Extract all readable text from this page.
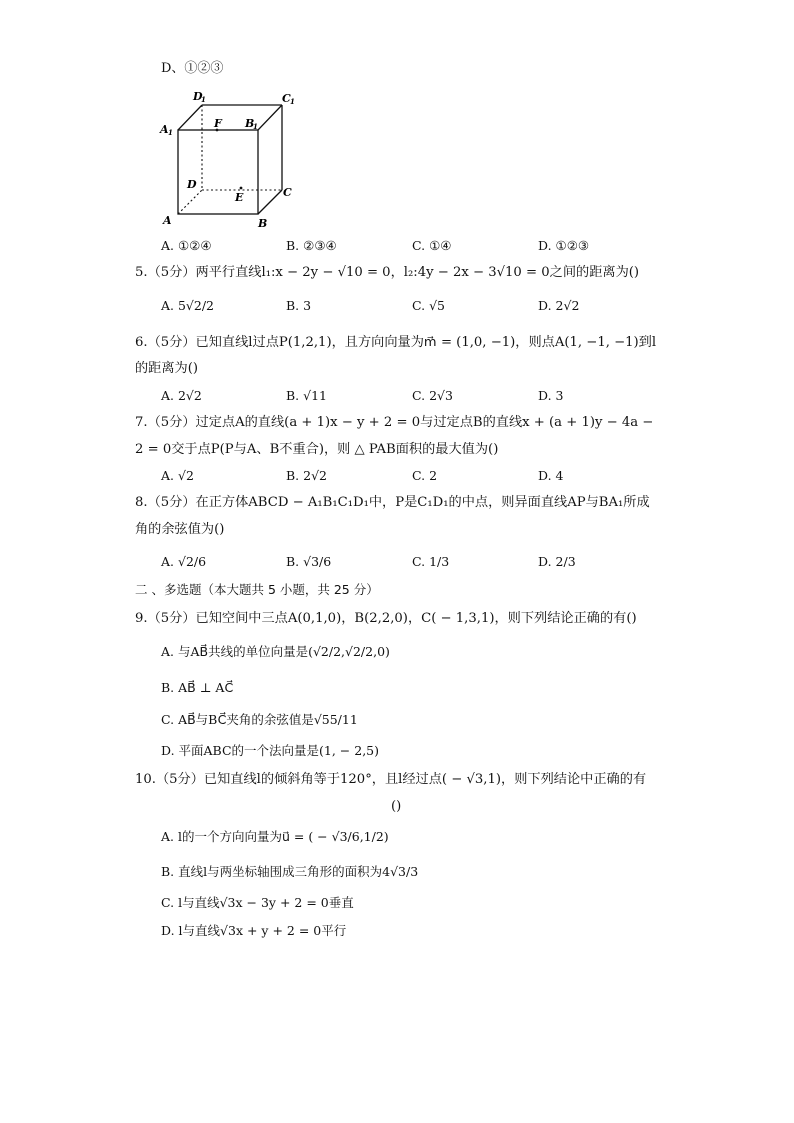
D、①②③
D
1	C 1
A 1
F B
1
D
E	C
A	B
A. ①②④	B. ②③④	C. ①④	D. ①②③
5.（5分）两平行直线l₁:x − 2y − √10 = 0，l₂:4y − 2x − 3√10 = 0之间的距离为()
A. 5√2/2	B. 3	C. √5	D. 2√2
6.（5分）已知直线l过点P(1,2,1)，且方向向量为m⃗ = (1,0, −1)，则点A(1, −1, −1)到l
的距离为()
A. 2√2	B. √11	C. 2√3	D. 3
7.（5分）过定点A的直线(a + 1)x − y + 2 = 0与过定点B的直线x + (a + 1)y − 4a −
2 = 0交于点P(P与A、B不重合)，则 △ PAB面积的最大值为()
A. √2	B. 2√2	C. 2	D. 4
8.（5分）在正方体ABCD − A₁B₁C₁D₁中，P是C₁D₁的中点，则异面直线AP与BA₁所成
角的余弦值为()
A. √2/6	B. √3/6	C. 1/3	D. 2/3
二 、多选题（本大题共 5 小题，共 25 分）
9.（5分）已知空间中三点A(0,1,0)，B(2,2,0)，C( − 1,3,1)，则下列结论正确的有()
A. 与AB⃗共线的单位向量是(√2/2,√2/2,0)
B. AB⃗ ⊥ AC⃗
C. AB⃗与BC⃗夹角的余弦值是√55/11
D. 平面ABC的一个法向量是(1, − 2,5)
10.（5分）已知直线l的倾斜角等于120°，且l经过点( − √3,1)，则下列结论中正确的有
()
A. l的一个方向向量为u⃗ = ( − √3/6,1/2)
B. 直线l与两坐标轴围成三角形的面积为4√3/3
C. l与直线√3x − 3y + 2 = 0垂直
D. l与直线√3x + y + 2 = 0平行
